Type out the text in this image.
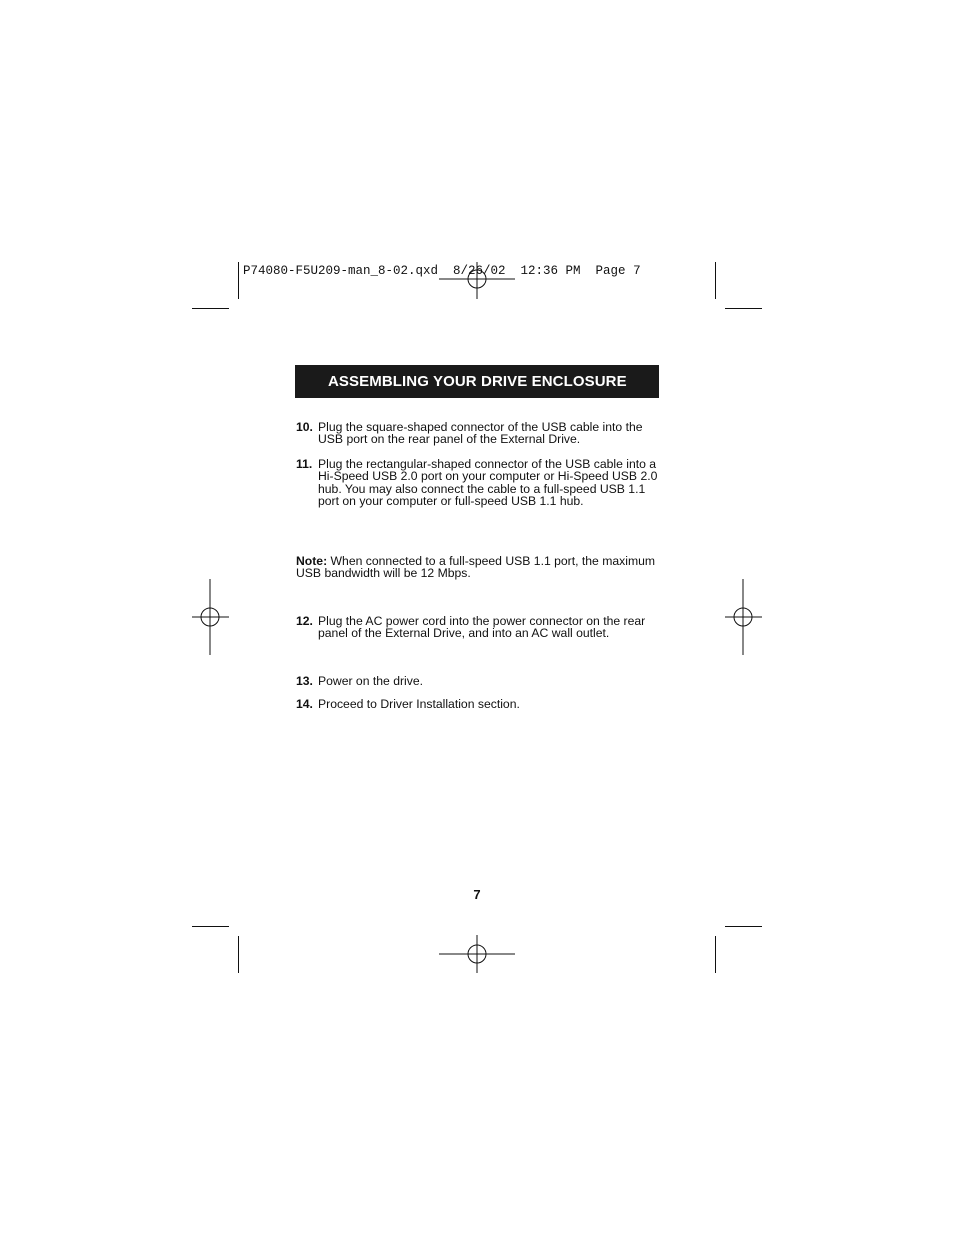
P74080-F5U209-man_8-02.qxd  8/26/02  12:36 PM  Page 7
ASSEMBLING YOUR DRIVE ENCLOSURE
10. Plug the square-shaped connector of the USB cable into the USB port on the rear panel of the External Drive.
11. Plug the rectangular-shaped connector of the USB cable into a Hi-Speed USB 2.0 port on your computer or Hi-Speed USB 2.0 hub. You may also connect the cable to a full-speed USB 1.1 port on your computer or full-speed USB 1.1 hub.
Note: When connected to a full-speed USB 1.1 port, the maximum USB bandwidth will be 12 Mbps.
12. Plug the AC power cord into the power connector on the rear panel of the External Drive, and into an AC wall outlet.
13. Power on the drive.
14. Proceed to Driver Installation section.
7
